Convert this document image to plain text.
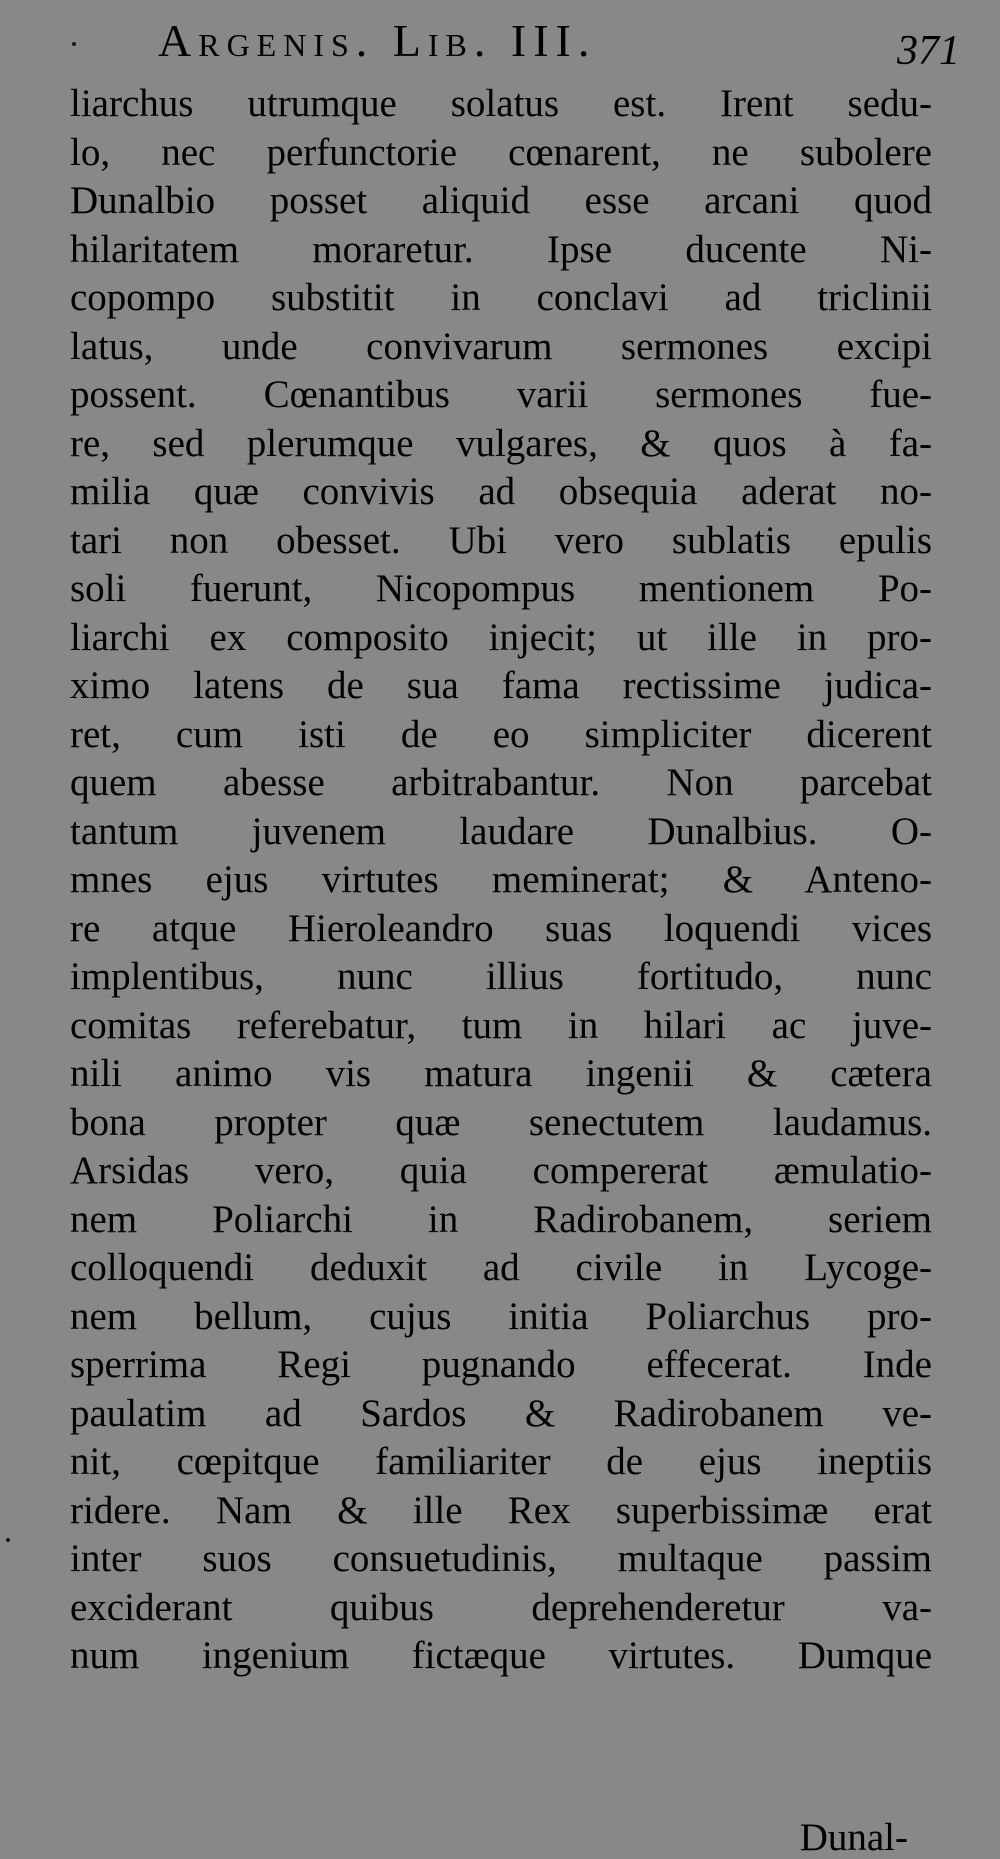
Argenis. Lib. III.	371
liarchus utrumque solatus est. Irent sedu-
lo, nec perfunctorie cœnarent, ne subolere
Dunalbio posset aliquid esse arcani quod
hilaritatem moraretur. Ipse ducente Ni-
copompo substitit in conclavi ad triclinii
latus, unde convivarum sermones excipi
possent. Cœnantibus varii sermones fue-
re, sed plerumque vulgares, & quos à fa-
milia quæ convivis ad obsequia aderat no-
tari non obesset. Ubi vero sublatis epulis
soli fuerunt, Nicopompus mentionem Po-
liarchi ex composito injecit; ut ille in pro-
ximo latens de sua fama rectissime judica-
ret, cum isti de eo simpliciter dicerent
quem abesse arbitrabantur. Non parcebat
tantum juvenem laudare Dunalbius. O-
mnes ejus virtutes meminerat; & Anteno-
re atque Hieroleandro suas loquendi vices
implentibus, nunc illius fortitudo, nunc
comitas referebatur, tum in hilari ac juve-
nili animo vis matura ingenii & cætera
bona propter quæ senectutem laudamus.
Arsidas vero, quia compererat æmulatio-
nem Poliarchi in Radirobanem, seriem
colloquendi deduxit ad civile in Lycoge-
nem bellum, cujus initia Poliarchus pro-
sperrima Regi pugnando effecerat. Inde
paulatim ad Sardos & Radirobanem ve-
nit, cœpitque familiariter de ejus ineptiis
ridere. Nam & ille Rex superbissimæ erat
inter suos consuetudinis, multaque passim
exciderant quibus deprehenderetur va-
num ingenium fictæque virtutes. Dumque
Dunal-
